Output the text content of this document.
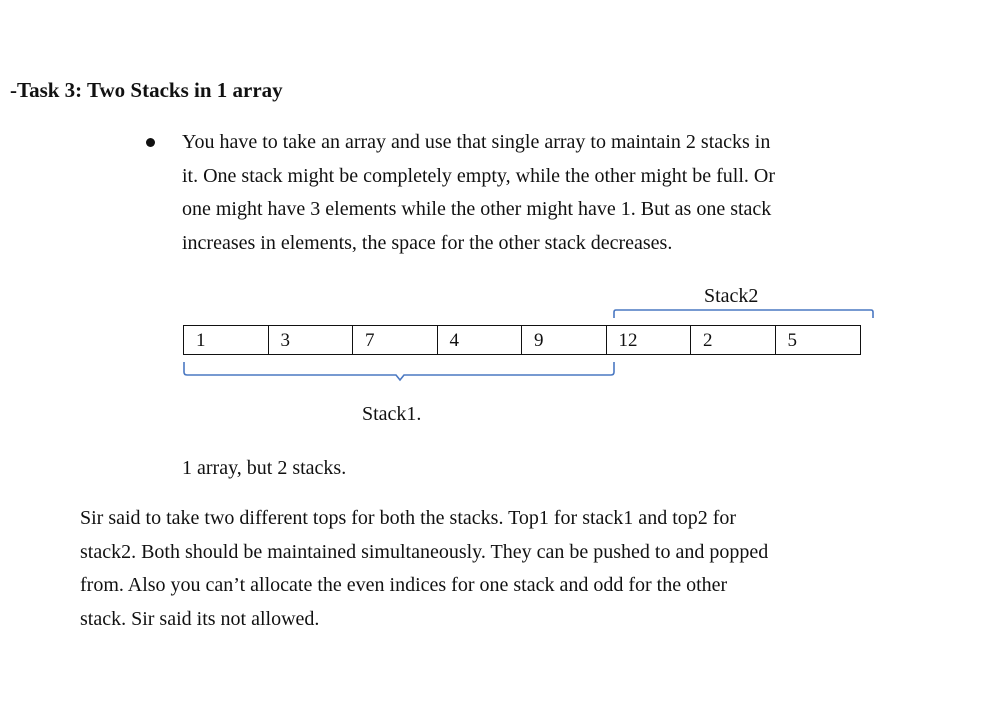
-Task 3: Two Stacks in 1 array
You have to take an array and use that single array to maintain 2 stacks in
it. One stack might be completely empty, while the other might be full. Or
one might have 3 elements while the other might have 1. But as one stack
increases in elements, the space for the other stack decreases.
Stack2
1	3	7	4	9	12	2	5
Stack1.
1 array, but 2 stacks.
Sir said to take two different tops for both the stacks. Top1 for stack1 and top2 for
stack2. Both should be maintained simultaneously. They can be pushed to and popped
from. Also you can’t allocate the even indices for one stack and odd for the other
stack. Sir said its not allowed.
